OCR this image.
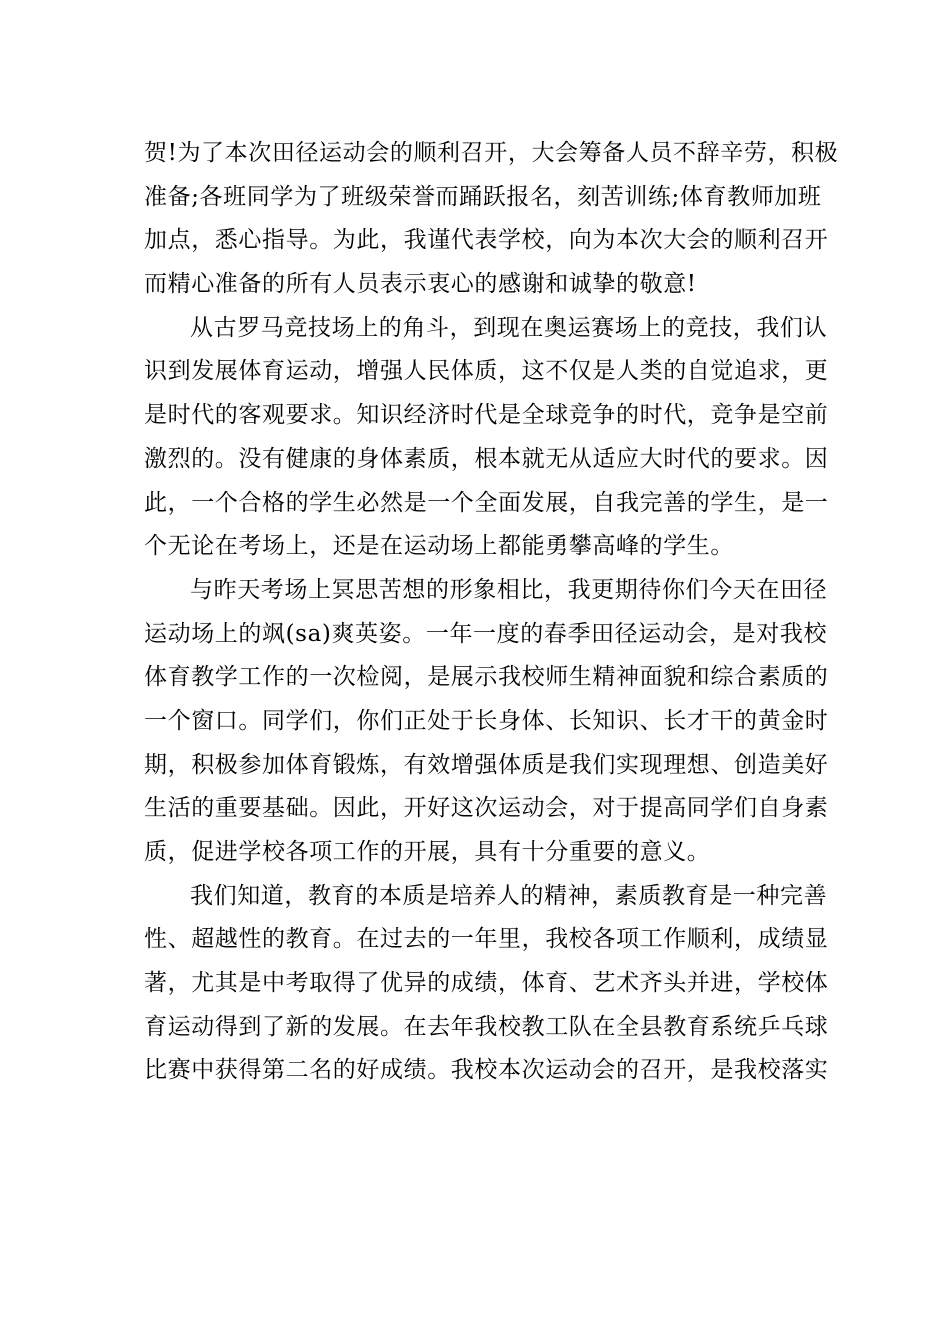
贺!为了本次田径运动会的顺利召开，大会筹备人员不辞辛劳，积极
准备;各班同学为了班级荣誉而踊跃报名，刻苦训练;体育教师加班
加点，悉心指导。为此，我谨代表学校，向为本次大会的顺利召开
而精心准备的所有人员表示衷心的感谢和诚挚的敬意!
从古罗马竞技场上的角斗，到现在奥运赛场上的竞技，我们认
识到发展体育运动，增强人民体质，这不仅是人类的自觉追求，更
是时代的客观要求。知识经济时代是全球竞争的时代，竞争是空前
激烈的。没有健康的身体素质，根本就无从适应大时代的要求。因
此，一个合格的学生必然是一个全面发展，自我完善的学生，是一
个无论在考场上，还是在运动场上都能勇攀高峰的学生。
与昨天考场上冥思苦想的形象相比，我更期待你们今天在田径
运动场上的飒(sa)爽英姿。一年一度的春季田径运动会，是对我校
体育教学工作的一次检阅，是展示我校师生精神面貌和综合素质的
一个窗口。同学们，你们正处于长身体、长知识、长才干的黄金时
期，积极参加体育锻炼，有效增强体质是我们实现理想、创造美好
生活的重要基础。因此，开好这次运动会，对于提高同学们自身素
质，促进学校各项工作的开展，具有十分重要的意义。
我们知道，教育的本质是培养人的精神，素质教育是一种完善
性、超越性的教育。在过去的一年里，我校各项工作顺利，成绩显
著，尤其是中考取得了优异的成绩，体育、艺术齐头并进，学校体
育运动得到了新的发展。在去年我校教工队在全县教育系统乒乓球
比赛中获得第二名的好成绩。我校本次运动会的召开，是我校落实
